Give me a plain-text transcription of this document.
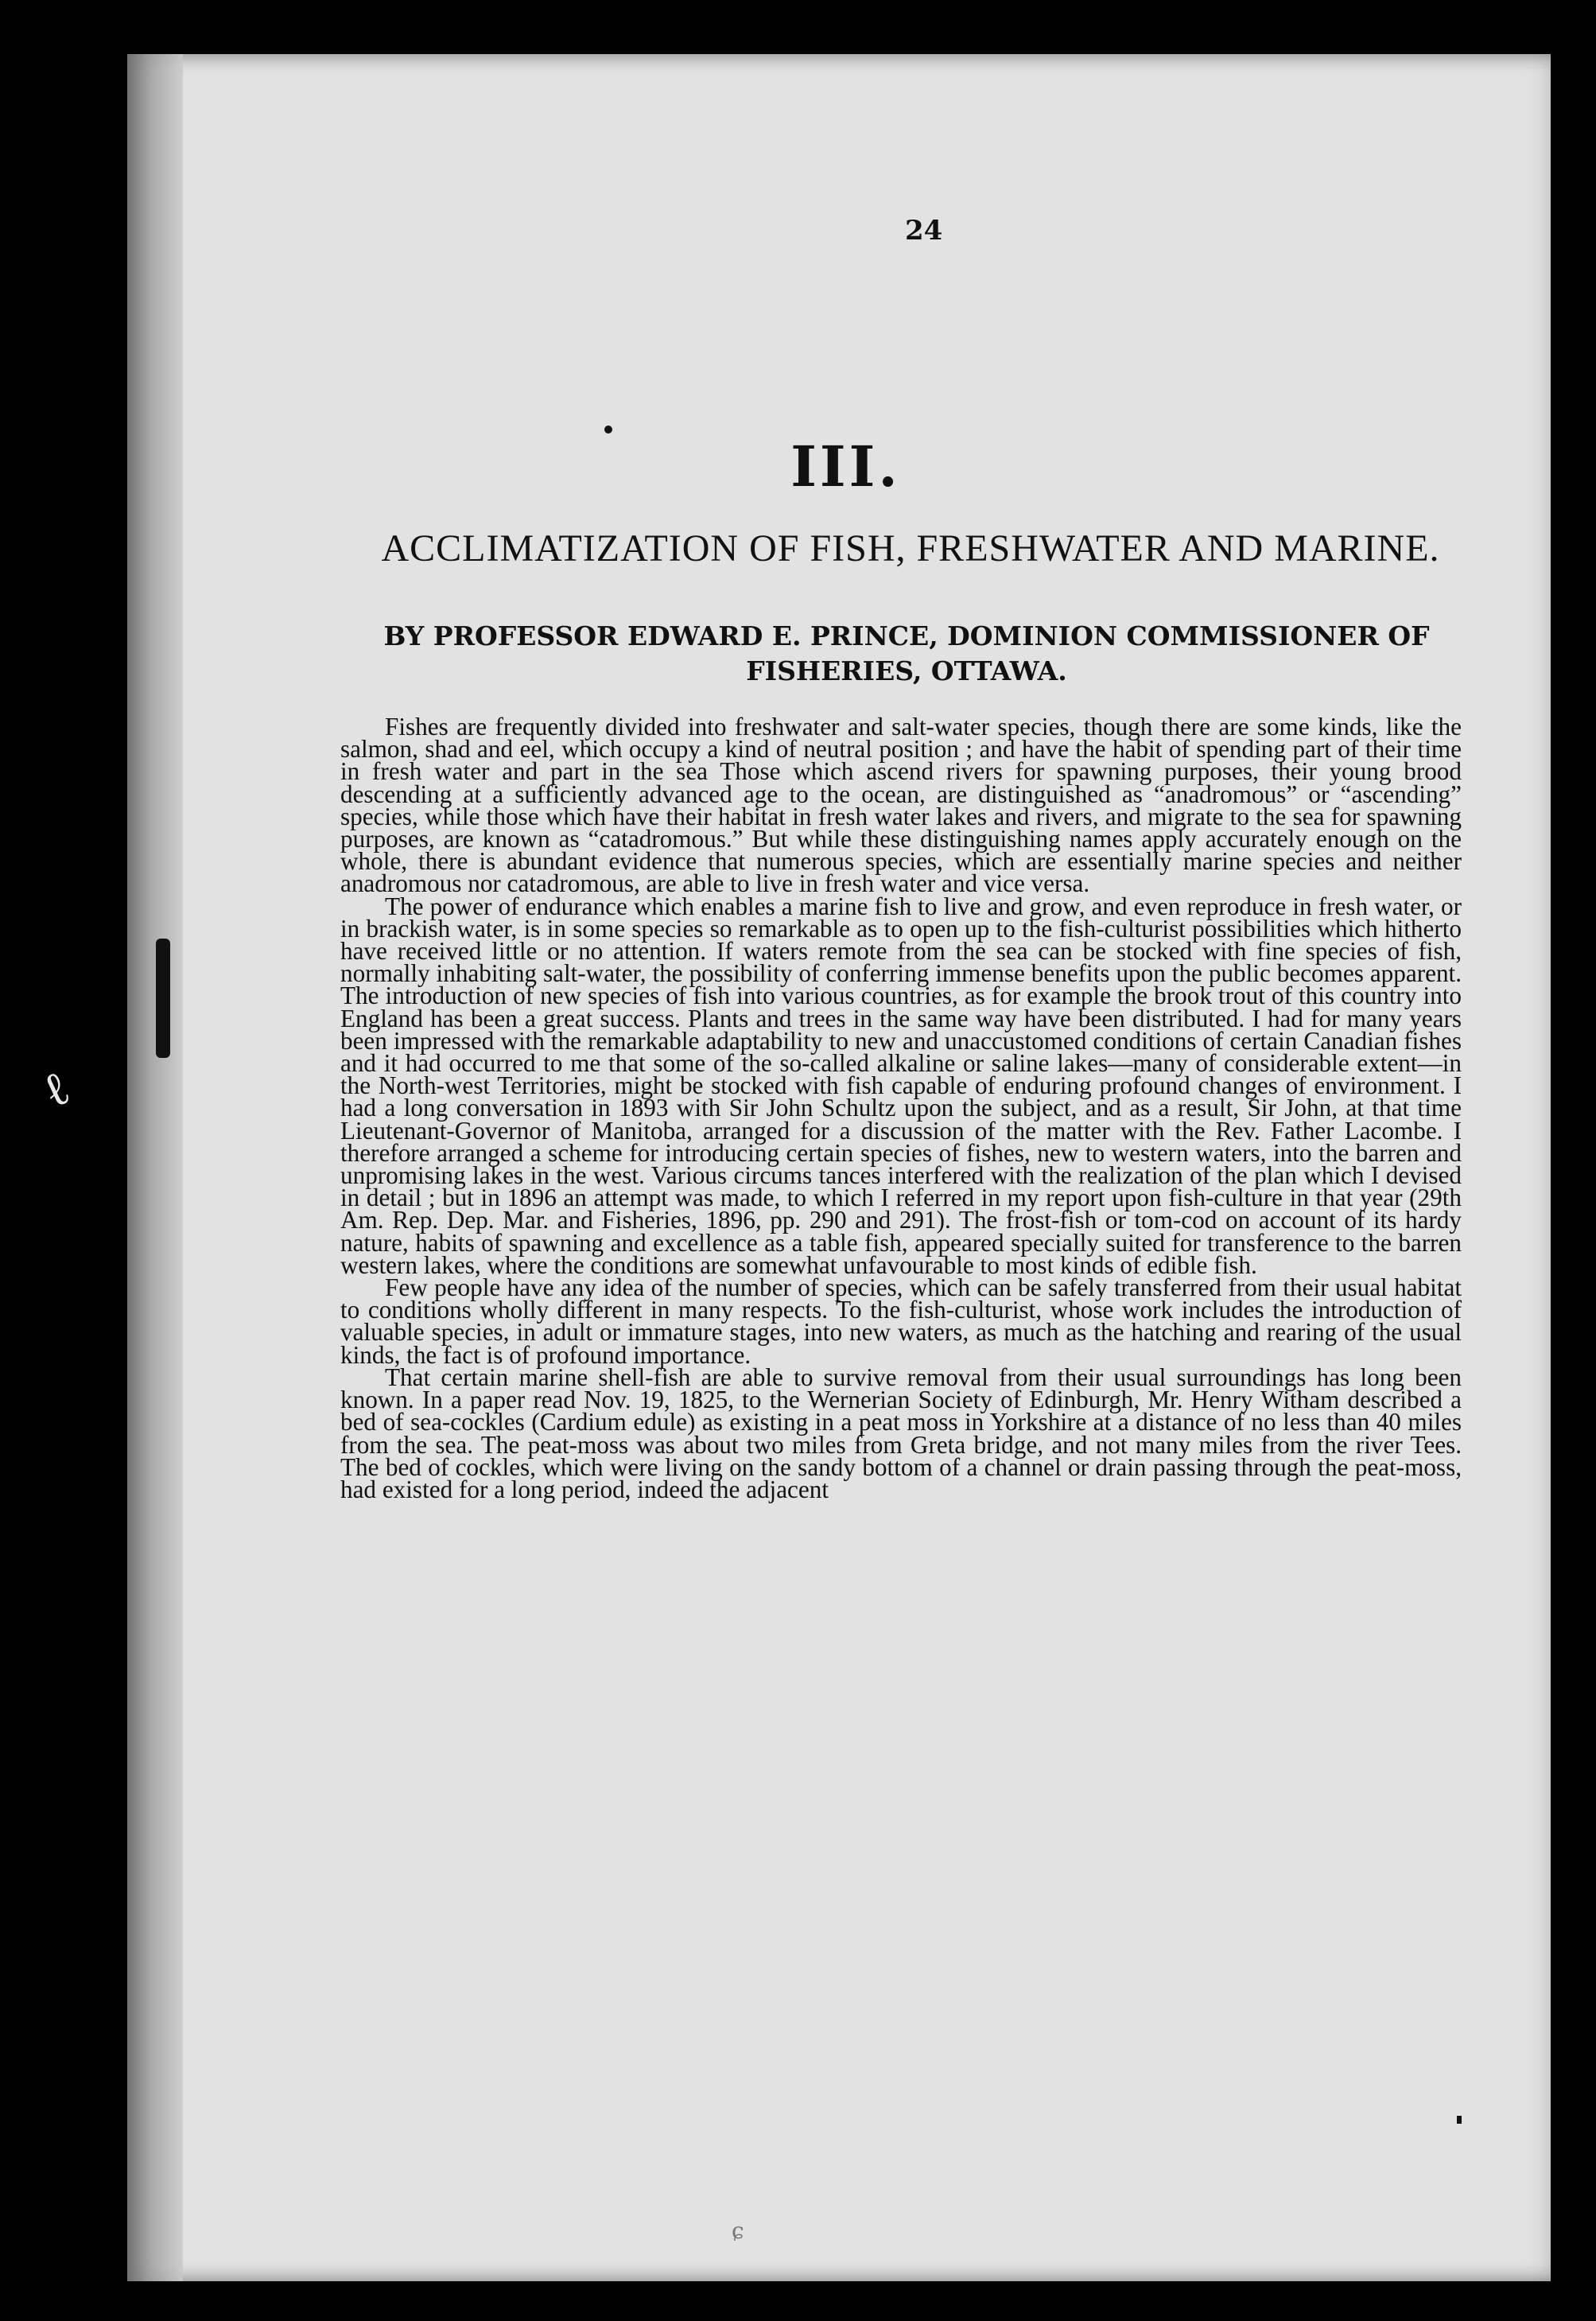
ℓ
24
III.
ACCLIMATIZATION OF FISH, FRESHWATER AND MARINE.
BY PROFESSOR EDWARD E. PRINCE, DOMINION COMMISSIONER OF FISHERIES, OTTAWA.

Fishes are frequently divided into freshwater and salt-water species, though there are some kinds, like the salmon, shad and eel, which occupy a kind of neutral position ; and have the habit of spending part of their time in fresh water and part in the sea Those which ascend rivers for spawning purposes, their young brood descending at a sufficiently advanced age to the ocean, are distinguished as “anadromous” or “ascending” species, while those which have their habitat in fresh water lakes and rivers, and migrate to the sea for spawning purposes, are known as “catadromous.” But while these distinguishing names apply accurately enough on the whole, there is abundant evidence that numerous species, which are essentially marine species and neither anadromous nor catadromous, are able to live in fresh water and vice versa.

The power of endurance which enables a marine fish to live and grow, and even reproduce in fresh water, or in brackish water, is in some species so remarkable as to open up to the fish-culturist possibilities which hitherto have received little or no attention. If waters remote from the sea can be stocked with fine species of fish, normally inhabiting salt-water, the possibility of conferring immense benefits upon the public becomes apparent. The introduction of new species of fish into various countries, as for example the brook trout of this country into England has been a great success. Plants and trees in the same way have been distributed. I had for many years been impressed with the remarkable adaptability to new and unaccustomed conditions of certain Canadian fishes and it had occurred to me that some of the so-called alkaline or saline lakes—many of considerable extent—in the North-west Territories, might be stocked with fish capable of enduring profound changes of environment. I had a long conversation in 1893 with Sir John Schultz upon the subject, and as a result, Sir John, at that time Lieutenant-Governor of Manitoba, arranged for a discussion of the matter with the Rev. Father Lacombe. I therefore arranged a scheme for introducing certain species of fishes, new to western waters, into the barren and unpromising lakes in the west. Various circums tances interfered with the realization of the plan which I devised in detail ; but in 1896 an attempt was made, to which I referred in my report upon fish-culture in that year (29th Am. Rep. Dep. Mar. and Fisheries, 1896, pp. 290 and 291). The frost-fish or tom-cod on account of its hardy nature, habits of spawning and excellence as a table fish, appeared specially suited for transference to the barren western lakes, where the conditions are somewhat unfavourable to most kinds of edible fish.

Few people have any idea of the number of species, which can be safely transferred from their usual habitat to conditions wholly different in many respects. To the fish-culturist, whose work includes the introduction of valuable species, in adult or immature stages, into new waters, as much as the hatching and rearing of the usual kinds, the fact is of profound importance.

That certain marine shell-fish are able to survive removal from their usual surroundings has long been known. In a paper read Nov. 19, 1825, to the Wernerian Society of Edinburgh, Mr. Henry Witham described a bed of sea-cockles (Cardium edule) as existing in a peat moss in Yorkshire at a distance of no less than 40 miles from the sea. The peat-moss was about two miles from Greta bridge, and not many miles from the river Tees. The bed of cockles, which were living on the sandy bottom of a channel or drain passing through the peat-moss, had existed for a long period, indeed the adjacent

ɕ
